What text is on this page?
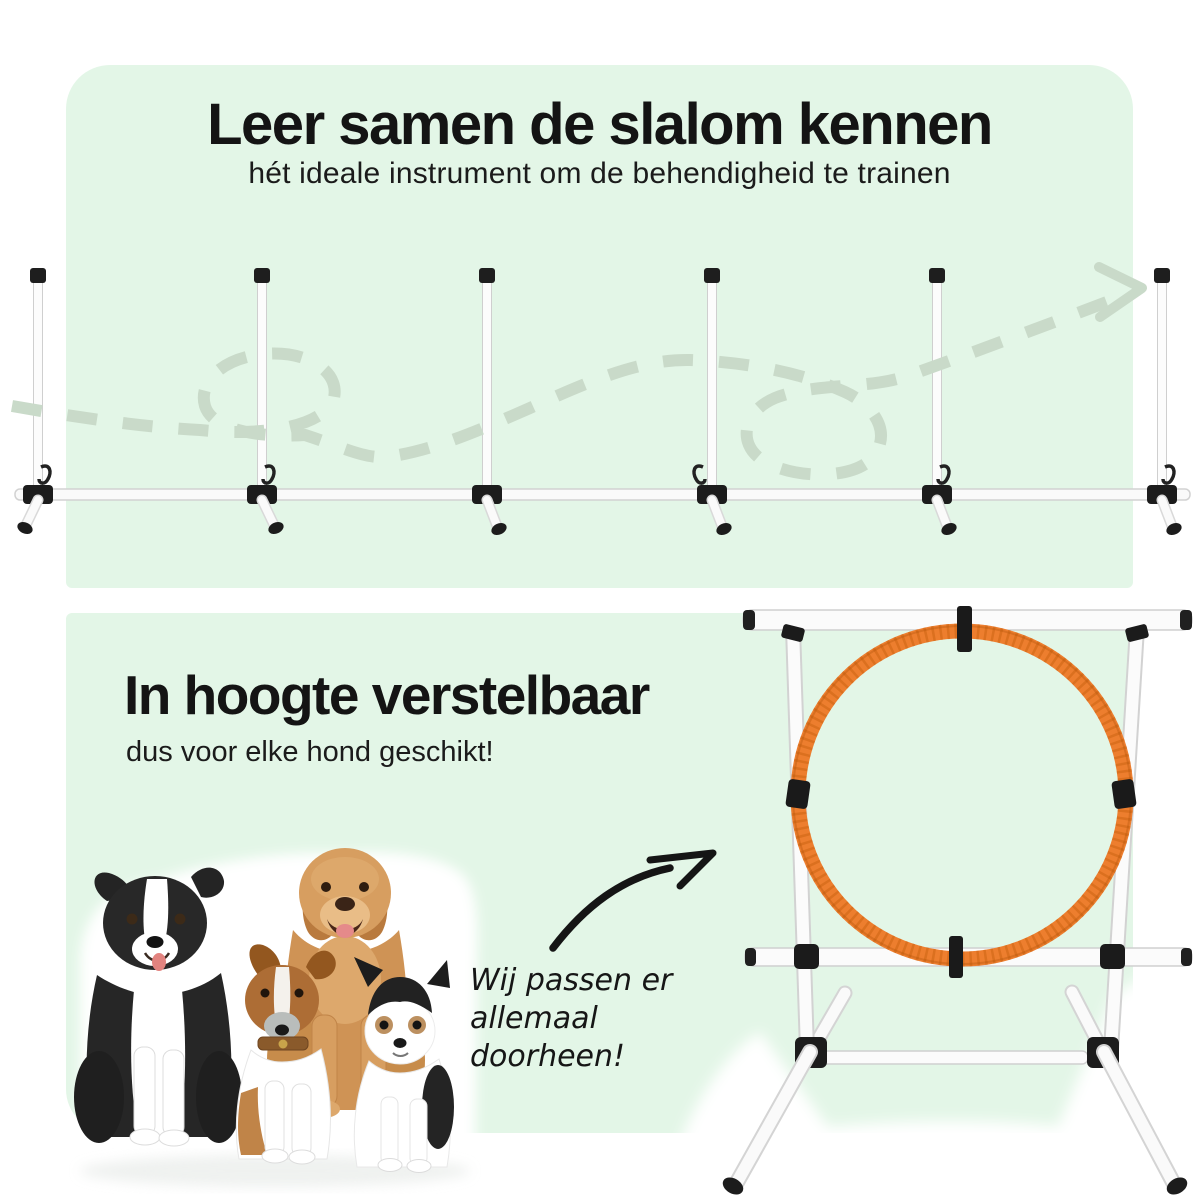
Leer samen de slalom kennen
hét ideale instrument om de behendigheid te trainen
In hoogte verstelbaar
dus voor elke hond geschikt!
Wij passen er
allemaal doorheen!
